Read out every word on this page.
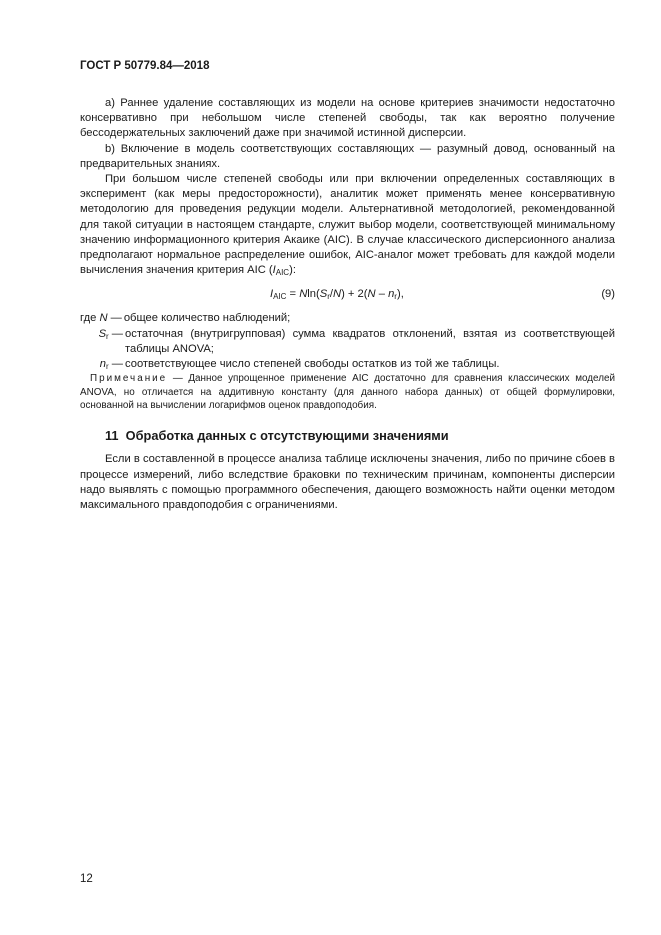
ГОСТ Р 50779.84—2018

а) Раннее удаление составляющих из модели на основе критериев значимости недостаточно консервативно при небольшом числе степеней свободы, так как вероятно получение бессодержательных заключений даже при значимой истинной дисперсии.

b) Включение в модель соответствующих составляющих — разумный довод, основанный на предварительных знаниях.

При большом числе степеней свободы или при включении определенных составляющих в эксперимент (как меры предосторожности), аналитик может применять менее консервативную методологию для проведения редукции модели. Альтернативной методологией, рекомендованной для такой ситуации в настоящем стандарте, служит выбор модели, соответствующей минимальному значению информационного критерия Акаике (AIC). В случае классического дисперсионного анализа предполагают нормальное распределение ошибок, AIC-аналог может требовать для каждой модели вычисления значения критерия AIC $(I_{AIC})$:

$I_{AIC} = Nln(S_r/N) + 2(N - n_r)$,	(9)
где N — общее количество наблюдений;
$S_r$ — остаточная (внутригрупповая) сумма квадратов отклонений, взятая из соответствующей таблицы ANOVA;
$n_r$ — соответствующее число степеней свободы остатков из той же таблицы.

Примечание — Данное упрощенное применение AIC достаточно для сравнения классических моделей ANOVA, но отличается на аддитивную константу (для данного набора данных) от общей формулировки, основанной на вычислении логарифмов оценок правдоподобия.

11 Обработка данных с отсутствующими значениями

Если в составленной в процессе анализа таблице исключены значения, либо по причине сбоев в процессе измерений, либо вследствие браковки по техническим причинам, компоненты дисперсии надо выявлять с помощью программного обеспечения, дающего возможность найти оценки методом максимального правдоподобия с ограничениями.

12
